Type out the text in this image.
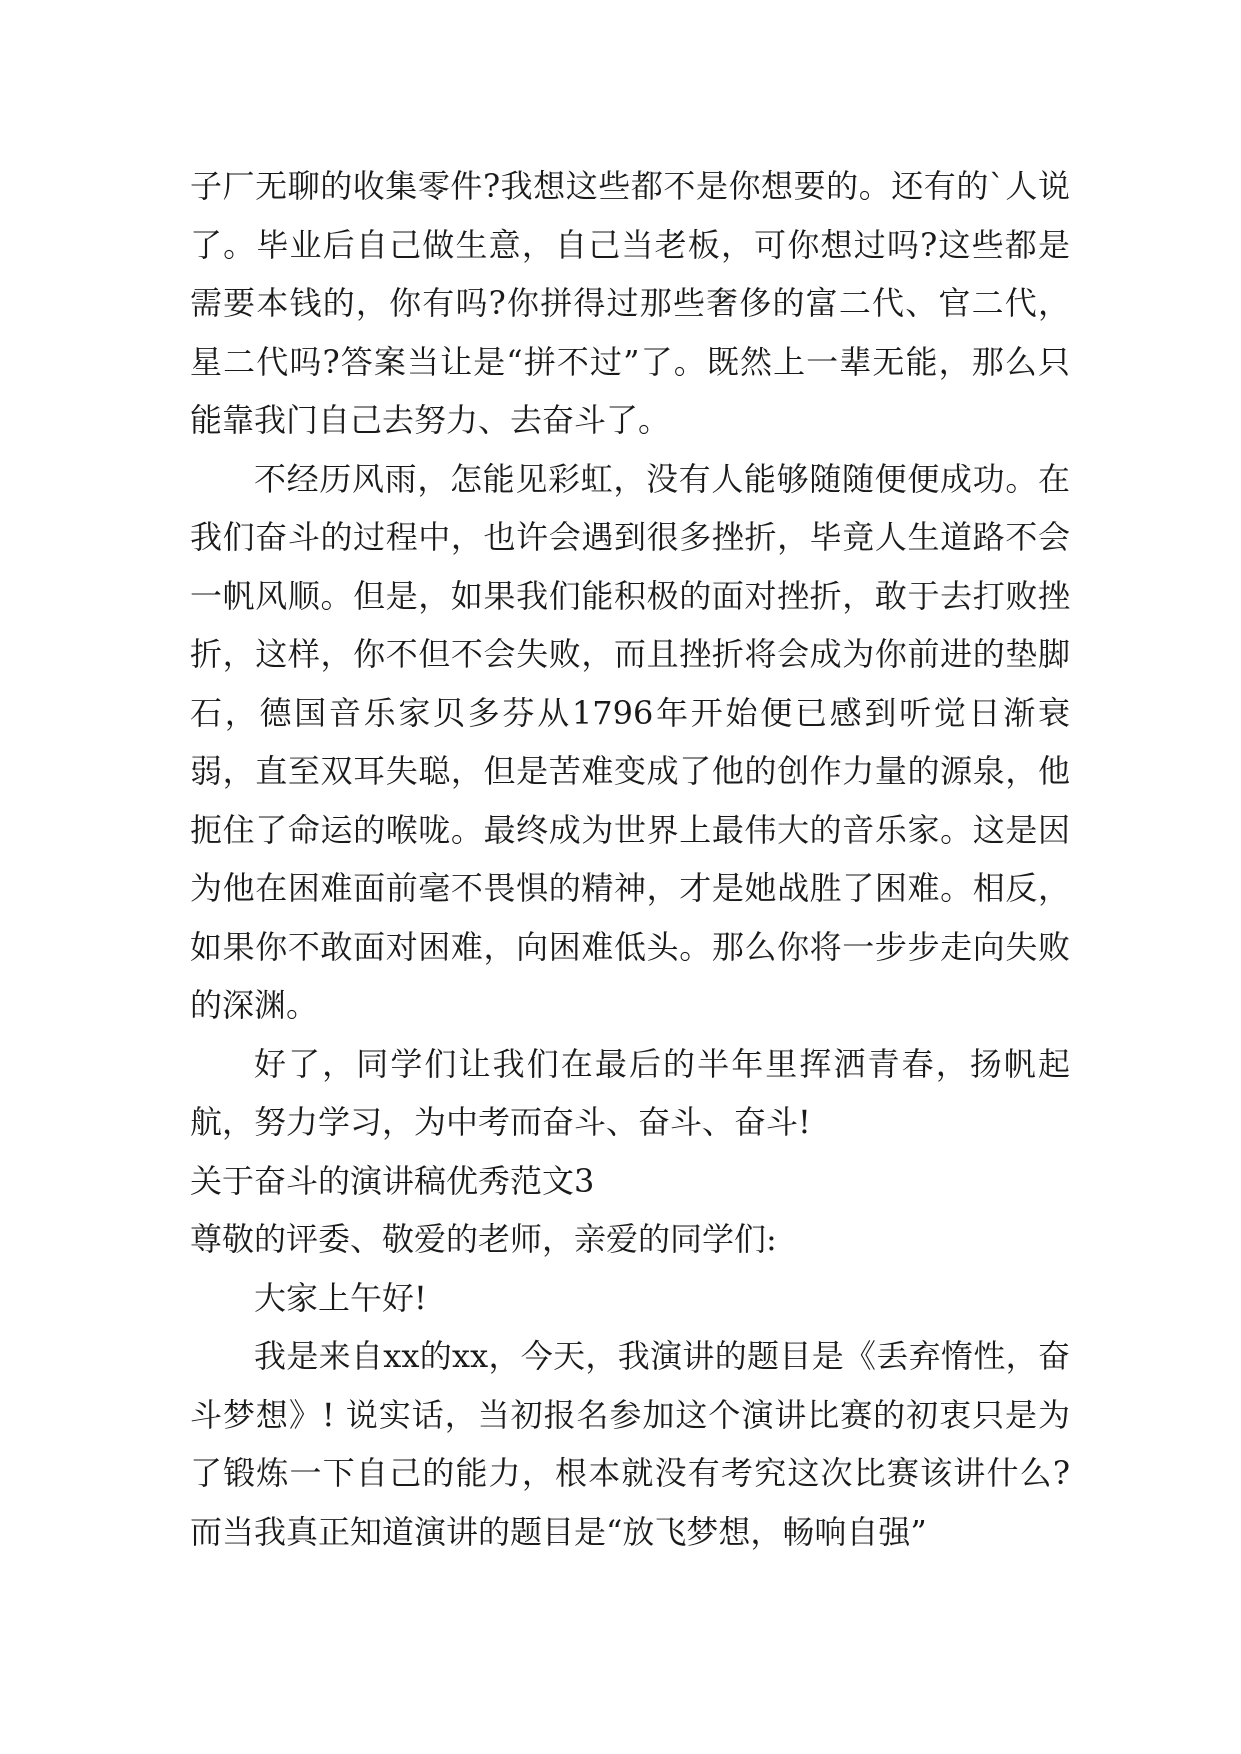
子厂无聊的收集零件?我想这些都不是你想要的。还有的`人说了。毕业后自己做生意，自己当老板，可你想过吗?这些都是需要本钱的，你有吗?你拼得过那些奢侈的富二代、官二代，星二代吗?答案当让是“拼不过”了。既然上一辈无能，那么只能靠我门自己去努力、去奋斗了。

不经历风雨，怎能见彩虹，没有人能够随随便便成功。在我们奋斗的过程中，也许会遇到很多挫折，毕竟人生道路不会一帆风顺。但是，如果我们能积极的面对挫折，敢于去打败挫折，这样，你不但不会失败，而且挫折将会成为你前进的垫脚石，德国音乐家贝多芬从1796年开始便已感到听觉日渐衰弱，直至双耳失聪，但是苦难变成了他的创作力量的源泉，他扼住了命运的喉咙。最终成为世界上最伟大的音乐家。这是因为他在困难面前毫不畏惧的精神，才是她战胜了困难。相反，如果你不敢面对困难，向困难低头。那么你将一步步走向失败的深渊。

好了，同学们让我们在最后的半年里挥洒青春，扬帆起航，努力学习，为中考而奋斗、奋斗、奋斗!

关于奋斗的演讲稿优秀范文3

尊敬的评委、敬爱的老师，亲爱的同学们:

大家上午好!

我是来自xx的xx，今天，我演讲的题目是《丢弃惰性，奋斗梦想》! 说实话，当初报名参加这个演讲比赛的初衷只是为了锻炼一下自己的能力，根本就没有考究这次比赛该讲什么?而当我真正知道演讲的题目是“放飞梦想，畅响自强”
